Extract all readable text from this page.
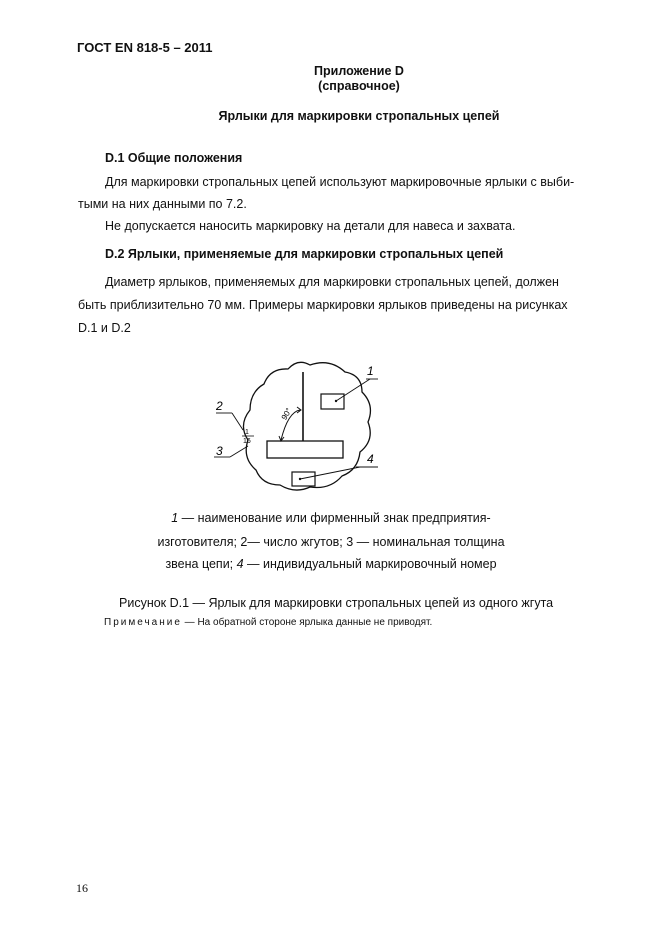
ГОСТ EN 818-5 – 2011
Приложение D
(справочное)
Ярлыки для маркировки стропальных цепей
D.1 Общие положения
Для маркировки стропальных цепей используют маркировочные ярлыки с выби-
тыми на них данными по 7.2.
Не допускается наносить маркировку на детали для навеса и захвата.
D.2 Ярлыки, применяемые для маркировки стропальных цепей
Диаметр ярлыков, применяемых для маркировки стропальных цепей, должен
быть приблизительно 70 мм. Примеры маркировки ярлыков приведены на рисунках
D.1 и D.2
90°
1
4
1
16
2
3
1 — наименование или фирменный знак предприятия-
изготовителя; 2— число жгутов; 3 — номинальная толщина
звена цепи; 4 — индивидуальный маркировочный номер
Рисунок D.1 — Ярлык для маркировки стропальных цепей из одного жгута
Примечание — На обратной стороне ярлыка данные не приводят.
16
